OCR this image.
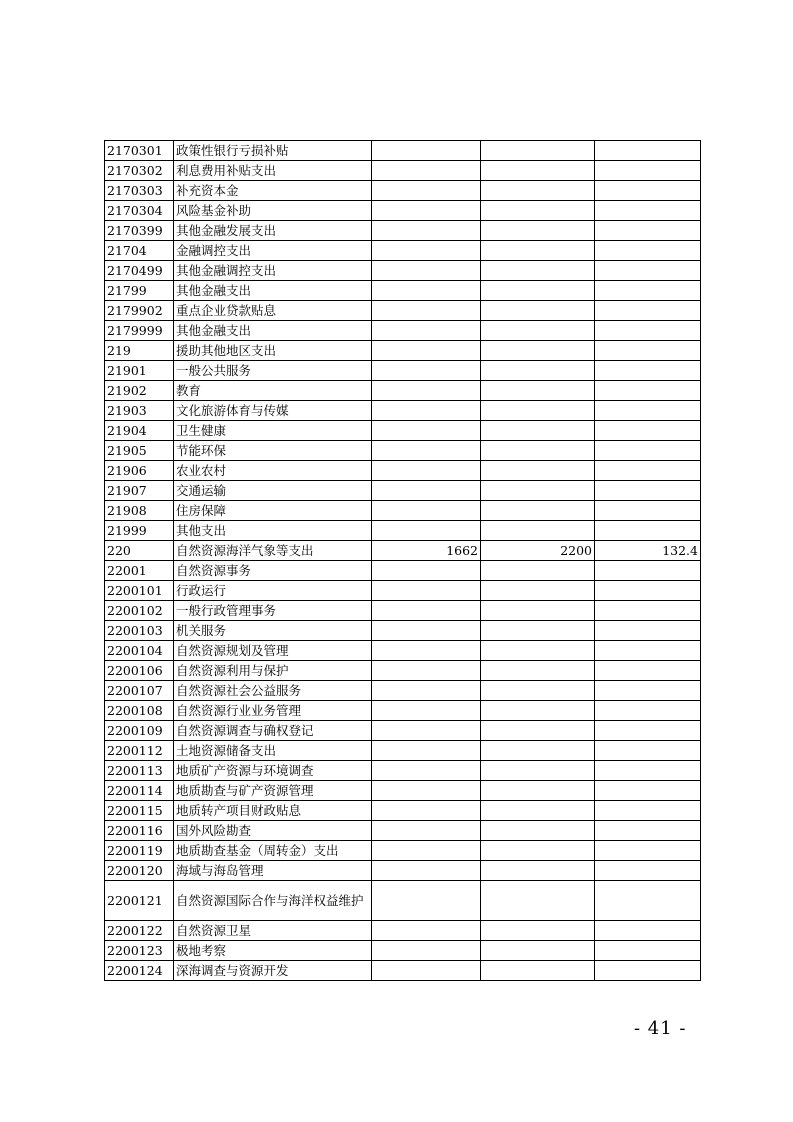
2170301	政策性银行亏损补贴			
2170302	利息费用补贴支出			
2170303	补充资本金			
2170304	风险基金补助			
2170399	其他金融发展支出			
21704	金融调控支出			
2170499	其他金融调控支出			
21799	其他金融支出			
2179902	重点企业贷款贴息			
2179999	其他金融支出			
219	援助其他地区支出			
21901	一般公共服务			
21902	教育			
21903	文化旅游体育与传媒			
21904	卫生健康			
21905	节能环保			
21906	农业农村			
21907	交通运输			
21908	住房保障			
21999	其他支出			
220	自然资源海洋气象等支出	1662	2200	132.4
22001	自然资源事务			
2200101	行政运行			
2200102	一般行政管理事务			
2200103	机关服务			
2200104	自然资源规划及管理			
2200106	自然资源利用与保护			
2200107	自然资源社会公益服务			
2200108	自然资源行业业务管理			
2200109	自然资源调查与确权登记			
2200112	土地资源储备支出			
2200113	地质矿产资源与环境调查			
2200114	地质勘查与矿产资源管理			
2200115	地质转产项目财政贴息			
2200116	国外风险勘查			
2200119	地质勘查基金（周转金）支出			
2200120	海域与海岛管理			
2200121	自然资源国际合作与海洋权益维护			
2200122	自然资源卫星			
2200123	极地考察			
2200124	深海调查与资源开发			
- 41 -
